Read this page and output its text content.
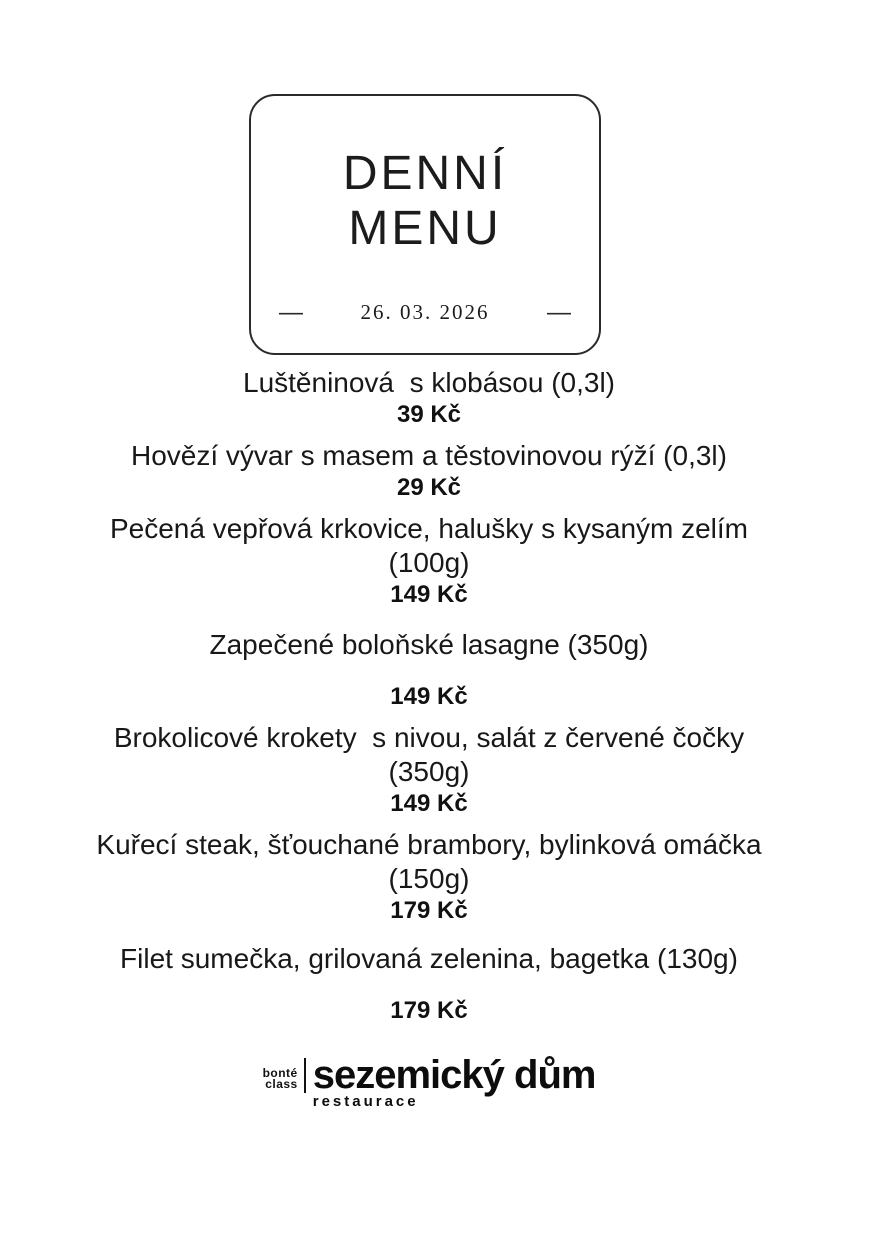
DENNÍ
MENU
—	26. 03. 2026 —
Luštěninová  s klobásou (0,3l)
39 Kč
Hovězí vývar s masem a těstovinovou rýží (0,3l)
29 Kč
Pečená vepřová krkovice, halušky s kysaným zelím
(100g)
149 Kč
Zapečené boloňské lasagne (350g)
149 Kč
Brokolicové krokety  s nivou, salát z červené čočky
(350g)
149 Kč
Kuřecí steak, šťouchané brambory, bylinková omáčka
(150g)
179 Kč
Filet sumečka, grilovaná zelenina, bagetka (130g)
179 Kč
bonté
class sezemický dům
restaurace
